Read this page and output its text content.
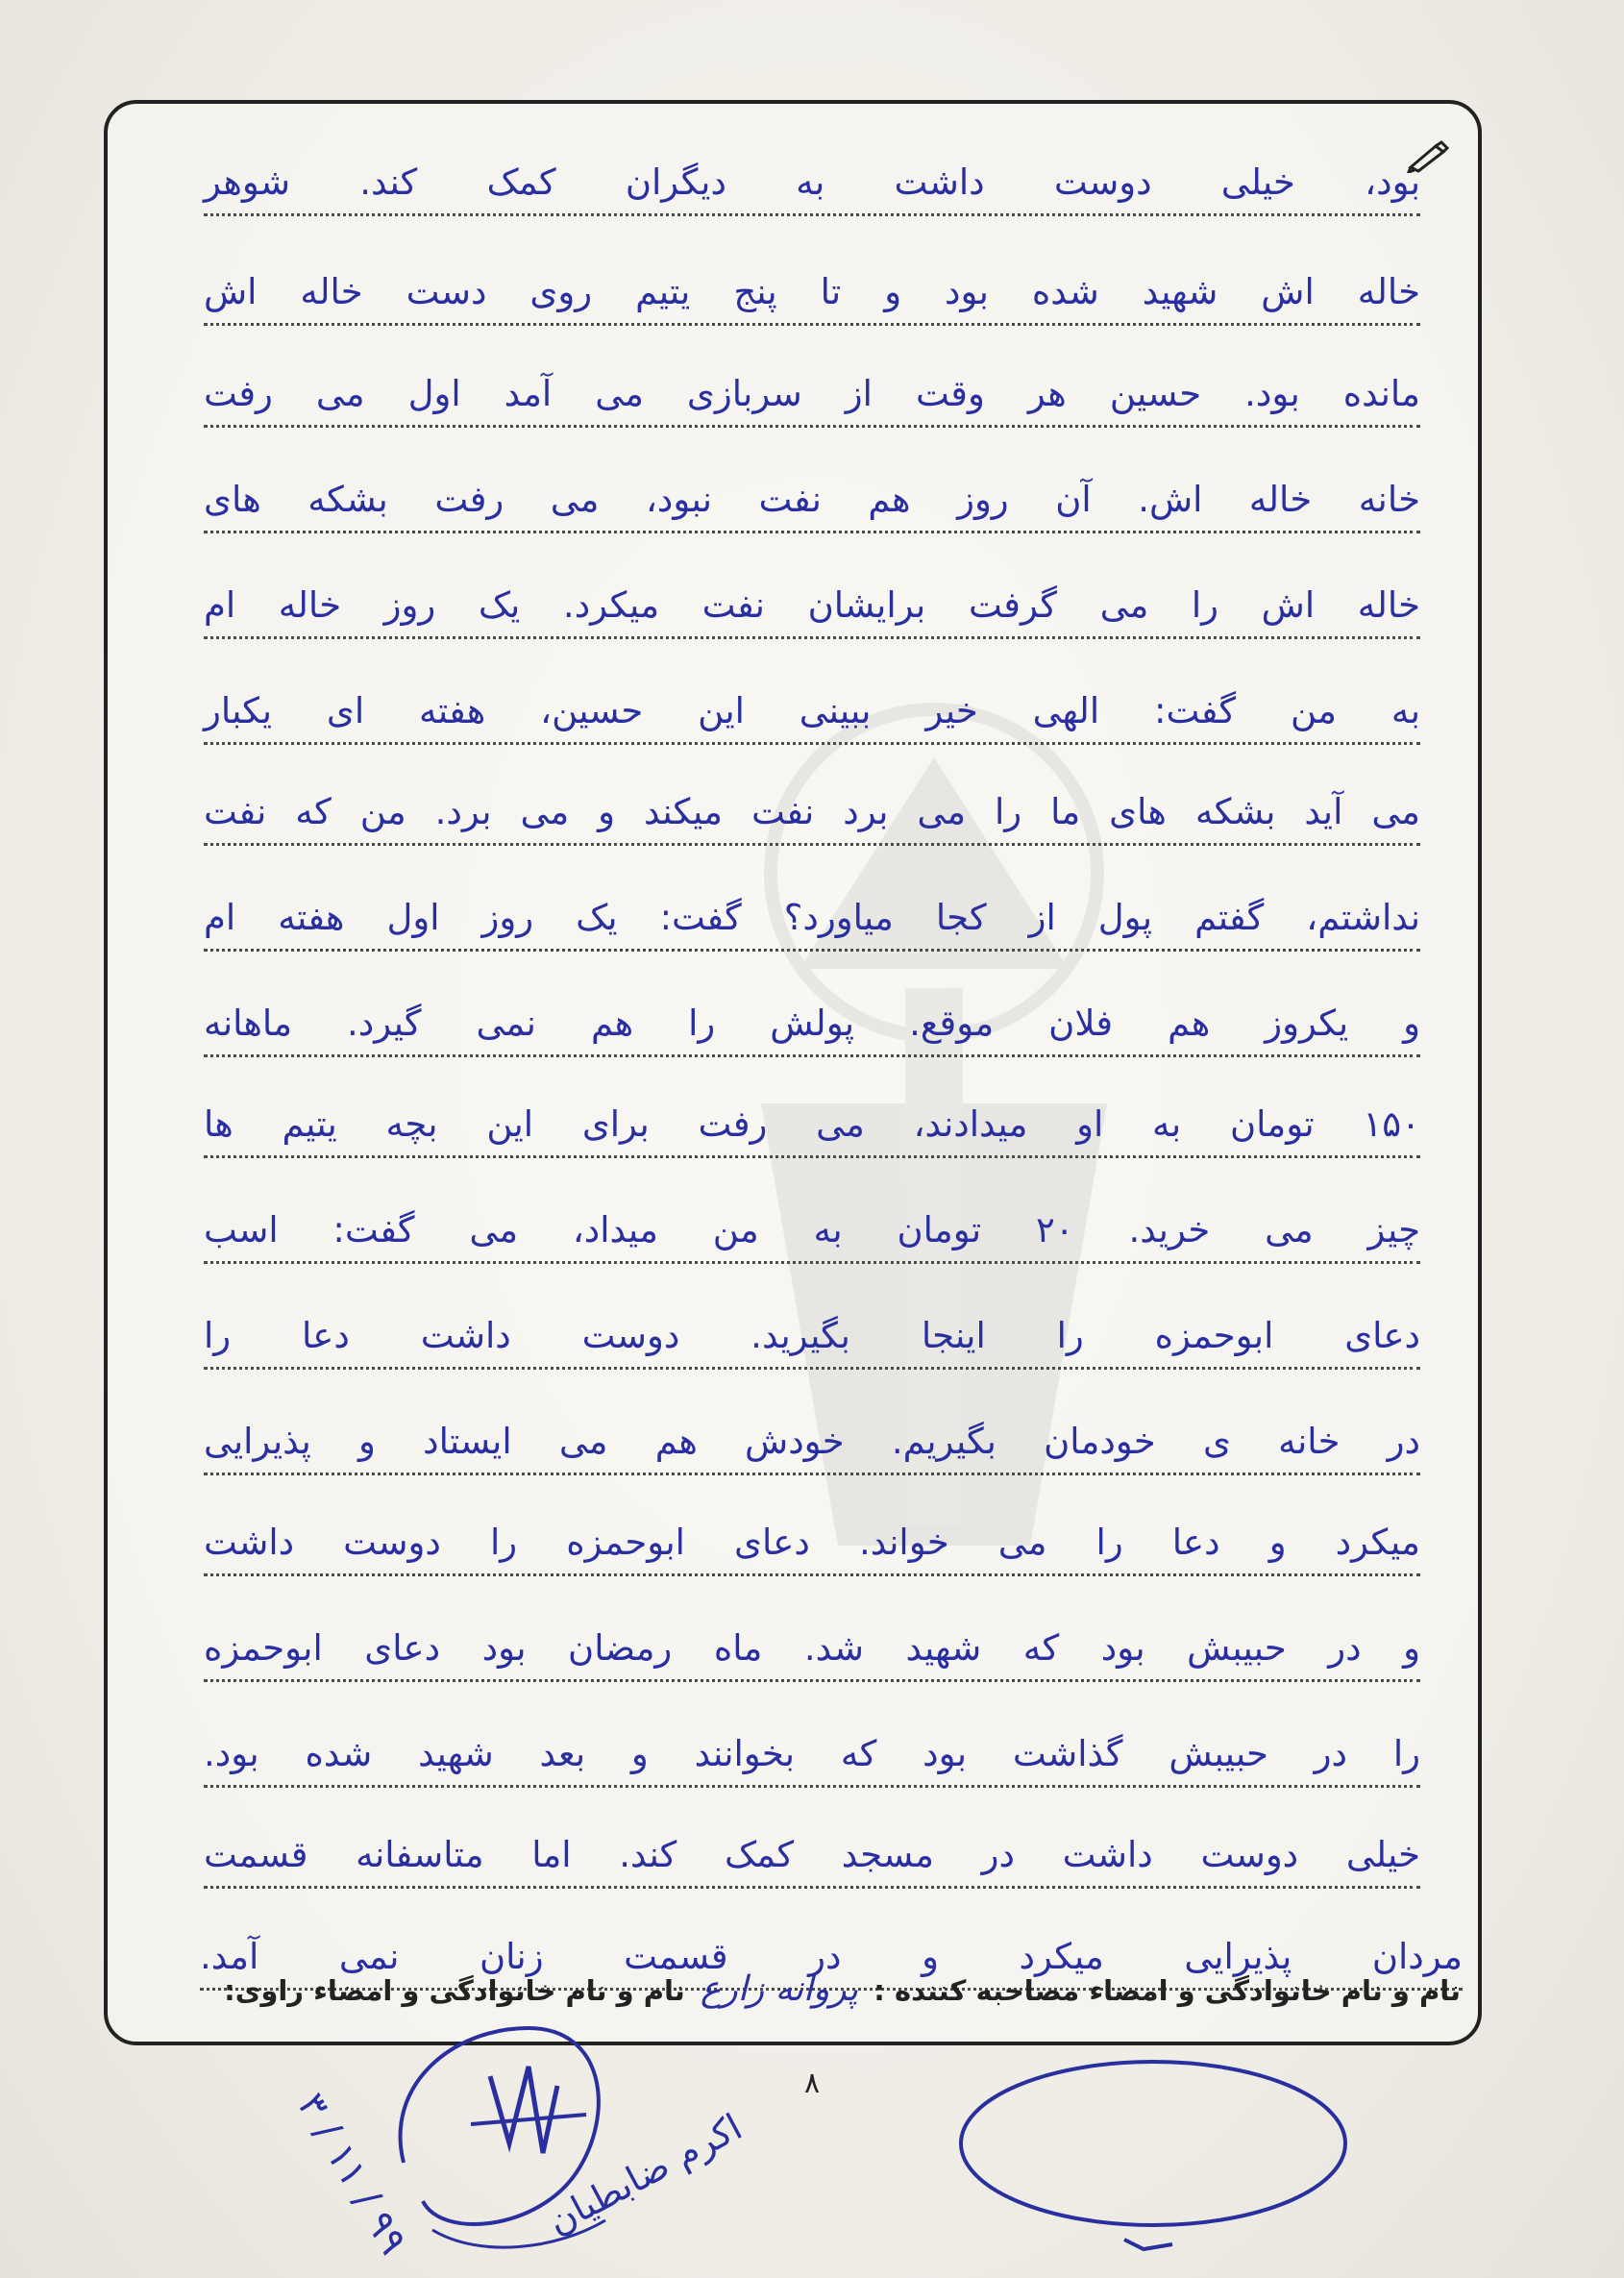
بود، خیلی دوست داشت به دیگران کمک کند. شوهر
خاله اش شهید شده بود و تا پنج یتیم روی دست خاله اش
مانده بود. حسین هر وقت از سربازی می آمد اول می رفت
خانه خاله اش. آن روز هم نفت نبود، می رفت بشکه های
خاله اش را می گرفت برایشان نفت میکرد. یک روز خاله ام
به من گفت: الهی خیر ببینی این حسین، هفته ای یکبار
می آید بشکه های ما را می برد نفت میکند و می برد. من که نفت
نداشتم، گفتم پول از کجا میاورد؟ گفت: یک روز اول هفته ام
و یکروز هم فلان موقع. پولش را هم نمی گیرد. ماهانه
۱۵۰ تومان به او میدادند، می رفت برای این بچه یتیم ها
چیز می خرید. ۲۰ تومان به من میداد، می گفت: اسب
دعای ابوحمزه را اینجا بگیرید. دوست داشت دعا را
در خانه ی خودمان بگیریم. خودش هم می ایستاد و پذیرایی
میکرد و دعا را می خواند. دعای ابوحمزه را دوست داشت
و در حبیبش بود که شهید شد. ماه رمضان بود دعای ابوحمزه
را در حبیبش گذاشت بود که بخوانند و بعد شهید شده بود.
خیلی دوست داشت در مسجد کمک کند. اما متاسفانه قسمت
مردان پذیرایی میکرد و در قسمت زنان نمی آمد.
نام و نام خانوادگی و امضاء مصاحبه کننده : پروانه زارع نام و نام خانوادگی و امضاء راوی:
۸
۳ / ۱۱ / ۹۹	اکرم ضابطیان
